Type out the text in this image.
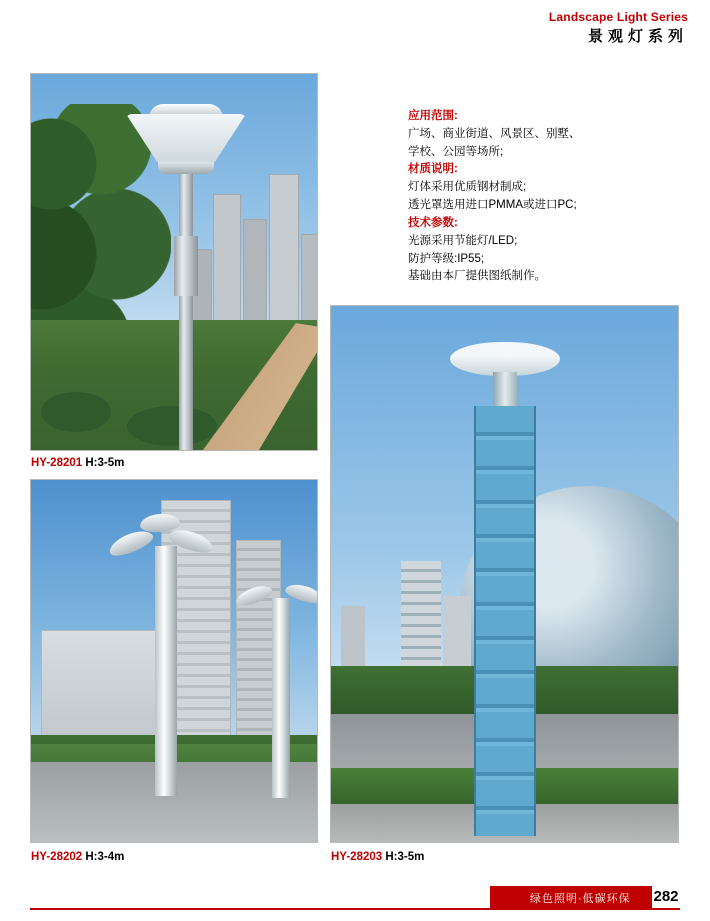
Landscape Light Series
景观灯系列
HY-28201 H:3-5m
HY-28202 H:3-4m	HY-28203 H:3-5m
应用范围:
广场、商业街道、风景区、别墅、
学校、公园等场所;
材质说明:
灯体采用优质钢材制成;
透光罩选用进口PMMA或进口PC;
技术参数:
光源采用节能灯/LED;
防护等级:IP55;
基础由本厂提供图纸制作。
绿色照明·低碳环保 282
